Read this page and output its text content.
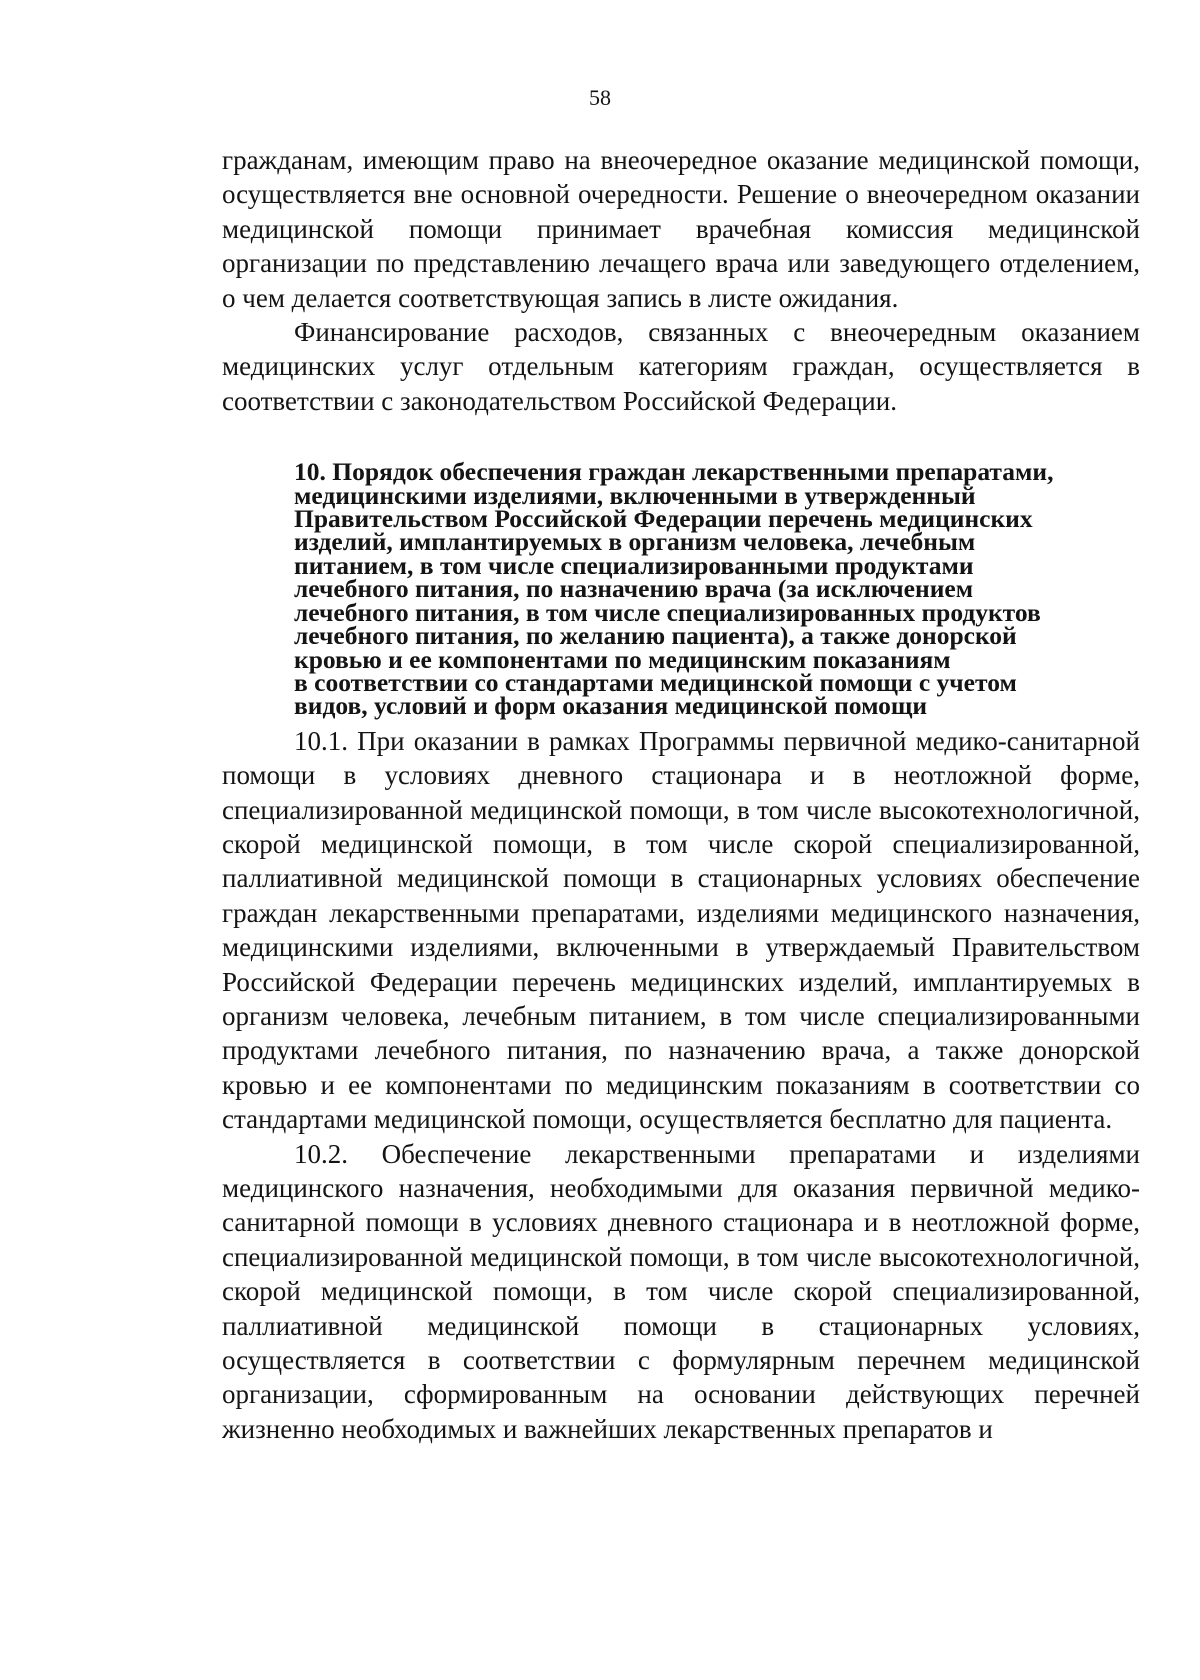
58

гражданам, имеющим право на внеочередное оказание медицинской помощи, осуществляется вне основной очередности. Решение о внеочередном оказании медицинской помощи принимает врачебная комиссия медицинской организации по представлению лечащего врача или заведующего отделением, о чем делается соответствующая запись в листе ожидания.

Финансирование расходов, связанных с внеочередным оказанием медицинских услуг отдельным категориям граждан, осуществляется в соответствии с законодательством Российской Федерации.

10. Порядок обеспечения граждан лекарственными препаратами,
медицинскими изделиями, включенными в утвержденный
Правительством Российской Федерации перечень медицинских
изделий, имплантируемых в организм человека, лечебным
питанием, в том числе специализированными продуктами
лечебного питания, по назначению врача (за исключением
лечебного питания, в том числе специализированных продуктов
лечебного питания, по желанию пациента), а также донорской
кровью и ее компонентами по медицинским показаниям
в соответствии со стандартами медицинской помощи с учетом
видов, условий и форм оказания медицинской помощи

10.1. При оказании в рамках Программы первичной медико-санитарной помощи в условиях дневного стационара и в неотложной форме, специализированной медицинской помощи, в том числе высокотехнологичной, скорой медицинской помощи, в том числе скорой специализированной, паллиативной медицинской помощи в стационарных условиях обеспечение граждан лекарственными препаратами, изделиями медицинского назначения, медицинскими изделиями, включенными в утверждаемый Правительством Российской Федерации перечень медицинских изделий, имплантируемых в организм человека, лечебным питанием, в том числе специализированными продуктами лечебного питания, по назначению врача, а также донорской кровью и ее компонентами по медицинским показаниям в соответствии со стандартами медицинской помощи, осуществляется бесплатно для пациента.

10.2. Обеспечение лекарственными препаратами и изделиями медицинского назначения, необходимыми для оказания первичной медико-санитарной помощи в условиях дневного стационара и в неотложной форме, специализированной медицинской помощи, в том числе высокотехнологичной, скорой медицинской помощи, в том числе скорой специализированной, паллиативной медицинской помощи в стационарных условиях, осуществляется в соответствии с формулярным перечнем медицинской организации, сформированным на основании действующих перечней жизненно необходимых и важнейших лекарственных препаратов и
